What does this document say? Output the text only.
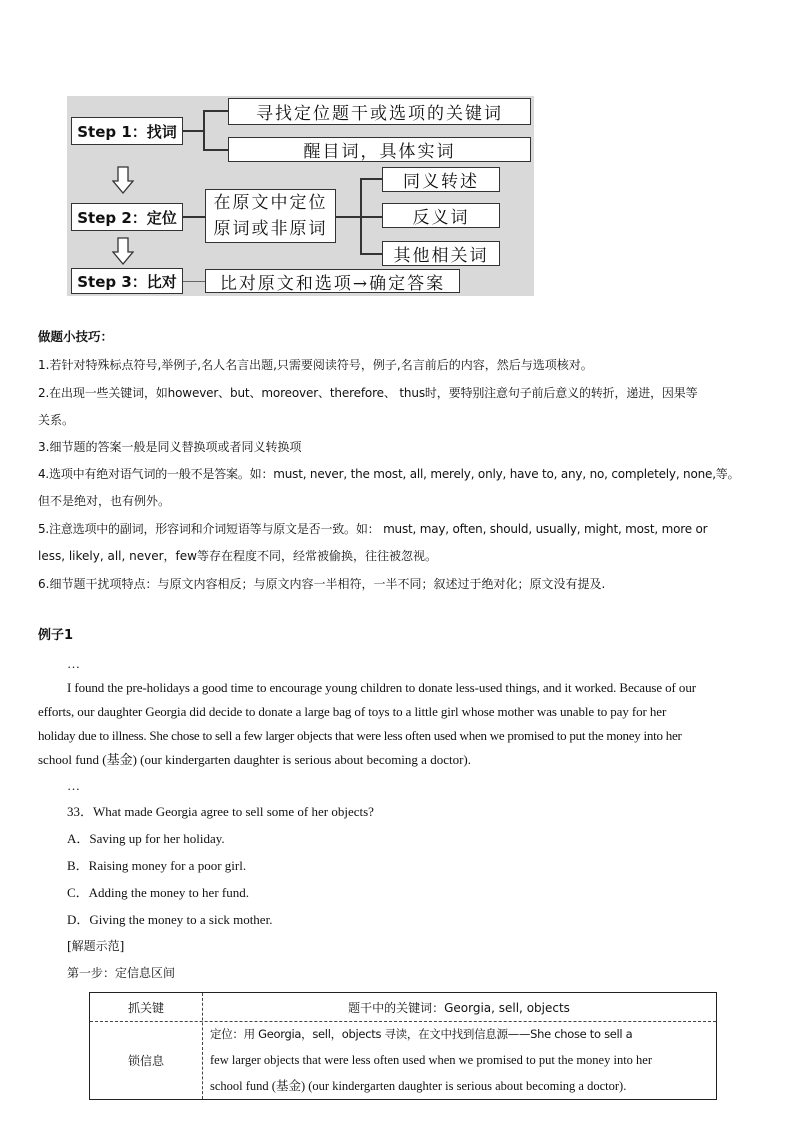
Step 1：找词
寻找定位题干或选项的关键词
醒目词，具体实词
Step 2：定位
在原文中定位
原词或非原词
同义转述
反义词
其他相关词
Step 3：比对	比对原文和选项→确定答案
做题小技巧：
1.若针对特殊标点符号,举例子,名人名言出题,只需要阅读符号，例子,名言前后的内容，然后与选项核对。
2.在出现一些关键词，如however、but、moreover、therefore、 thus时，要特别注意句子前后意义的转折，递进，因果等
关系。
3.细节题的答案一般是同义替换项或者同义转换项
4.选项中有绝对语气词的一般不是答案。如：must, never, the most, all, merely, only, have to, any, no, completely, none,等。
但不是绝对，也有例外。
5.注意选项中的副词，形容词和介词短语等与原文是否一致。如： must, may, often, should, usually, might, most, more or
less, likely, all, never，few等存在程度不同，经常被偷换，往往被忽视。
6.细节题干扰项特点：与原文内容相反；与原文内容一半相符，一半不同；叙述过于绝对化；原文没有提及.
例子1
…
I found the pre-holidays a good time to encourage young children to donate less-used things, and it worked. Because of our
efforts, our daughter Georgia did decide to donate a large bag of toys to a little girl whose mother was unable to pay for her
holiday due to illness. She chose to sell a few larger objects that were less often used when we promised to put the money into her
school fund (基金) (our kindergarten daughter is serious about becoming a doctor).
…
33．What made Georgia agree to sell some of her objects?
A．Saving up for her holiday.
B．Raising money for a poor girl.
C．Adding the money to her fund.
D．Giving the money to a sick mother.
[解题示范]
第一步：定信息区间
抓关键	题干中的关键词：Georgia, sell, objects
锁信息
定位：用 Georgia，sell，objects 寻读，在文中找到信息源——She chose to sell a
few larger objects that were less often used when we promised to put the money into her
school fund (基金) (our kindergarten daughter is serious about becoming a doctor).
